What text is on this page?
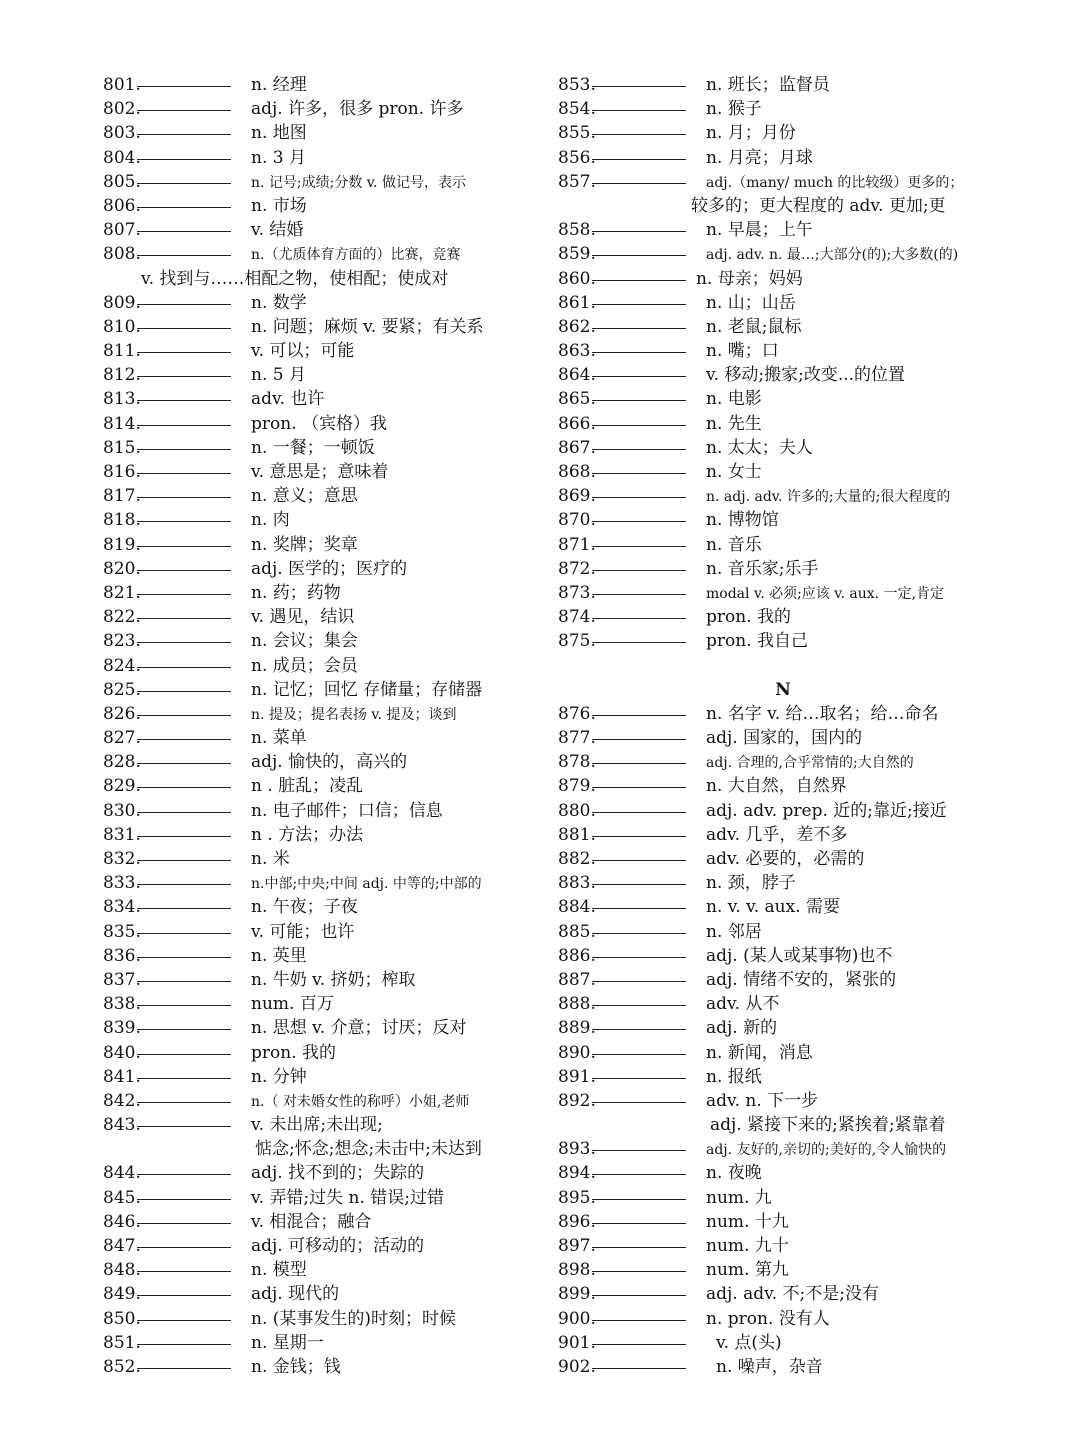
801.	n. 经理
802.	adj. 许多，很多 pron. 许多
803.	n. 地图
804.	n. 3 月
805.	n. 记号;成绩;分数 v. 做记号，表示
806.	n. 市场
807.	v. 结婚
808.	n.（尤质体育方面的）比赛，竞赛
v. 找到与……相配之物，使相配；使成对
809.	n. 数学
810.	n. 问题；麻烦 v. 要紧；有关系
811.	v. 可以；可能
812.	n. 5 月
813.	adv. 也许
814.	pron. （宾格）我
815.	n. 一餐；一顿饭
816.	v. 意思是；意味着
817.	n. 意义；意思
818.	n. 肉
819.	n. 奖牌；奖章
820.	adj. 医学的；医疗的
821.	n. 药；药物
822.	v. 遇见，结识
823.	n. 会议；集会
824.	n. 成员；会员
825.	n. 记忆；回忆 存储量；存储器
826.	n. 提及；提名表扬 v. 提及；谈到
827.	n. 菜单
828.	adj. 愉快的，高兴的
829.	n . 脏乱；凌乱
830.	n. 电子邮件；口信；信息
831.	n . 方法；办法
832.	n. 米
833.	n.中部;中央;中间 adj. 中等的;中部的
834.	n. 午夜；子夜
835.	v. 可能；也许
836.	n. 英里
837.	n. 牛奶 v. 挤奶；榨取
838.	num. 百万
839.	n. 思想 v. 介意；讨厌；反对
840.	pron. 我的
841.	n. 分钟
842.	n.（ 对未婚女性的称呼）小姐,老师
843.	v. 未出席;未出现;
惦念;怀念;想念;未击中;未达到
844.	adj. 找不到的；失踪的
845.	v. 弄错;过失 n. 错误;过错
846.	v. 相混合；融合
847.	adj. 可移动的；活动的
848.	n. 模型
849.	adj. 现代的
850.	n. (某事发生的)时刻；时候
851.	n. 星期一
852.	n. 金钱；钱
853.	n. 班长；监督员
854.	n. 猴子
855.	n. 月；月份
856.	n. 月亮；月球
857.	adj.（many/ much 的比较级）更多的；
较多的；更大程度的 adv. 更加;更
858.	n. 早晨；上午
859.	adj. adv. n. 最…;大部分(的);大多数(的)
860.	n. 母亲；妈妈
861.	n. 山；山岳
862.	n. 老鼠;鼠标
863.	n. 嘴；口
864.	v. 移动;搬家;改变...的位置
865.	n. 电影
866.	n. 先生
867.	n. 太太；夫人
868.	n. 女士
869.	n. adj. adv. 许多的;大量的;很大程度的
870.	n. 博物馆
871.	n. 音乐
872.	n. 音乐家;乐手
873.	modal v. 必须;应该 v. aux. 一定,肯定
874.	pron. 我的
875.	pron. 我自己
N
876.	n. 名字 v. 给…取名；给…命名
877.	adj. 国家的，国内的
878.	adj. 合理的,合乎常情的;大自然的
879.	n. 大自然，自然界
880.	adj. adv. prep. 近的;靠近;接近
881.	adv. 几乎，差不多
882.	adv. 必要的，必需的
883.	n. 颈，脖子
884.	n. v. v. aux. 需要
885.	n. 邻居
886.	adj. (某人或某事物)也不
887.	adj. 情绪不安的，紧张的
888.	adv. 从不
889.	adj. 新的
890.	n. 新闻，消息
891.	n. 报纸
892.	adv. n. 下一步
adj. 紧接下来的;紧挨着;紧靠着
893.	adj. 友好的,亲切的;美好的,令人愉快的
894.	n. 夜晚
895.	num. 九
896.	num. 十九
897.	num. 九十
898.	num. 第九
899.	adj. adv. 不;不是;没有
900.	n. pron. 没有人
901.	v. 点(头)
902.	n. 噪声，杂音
